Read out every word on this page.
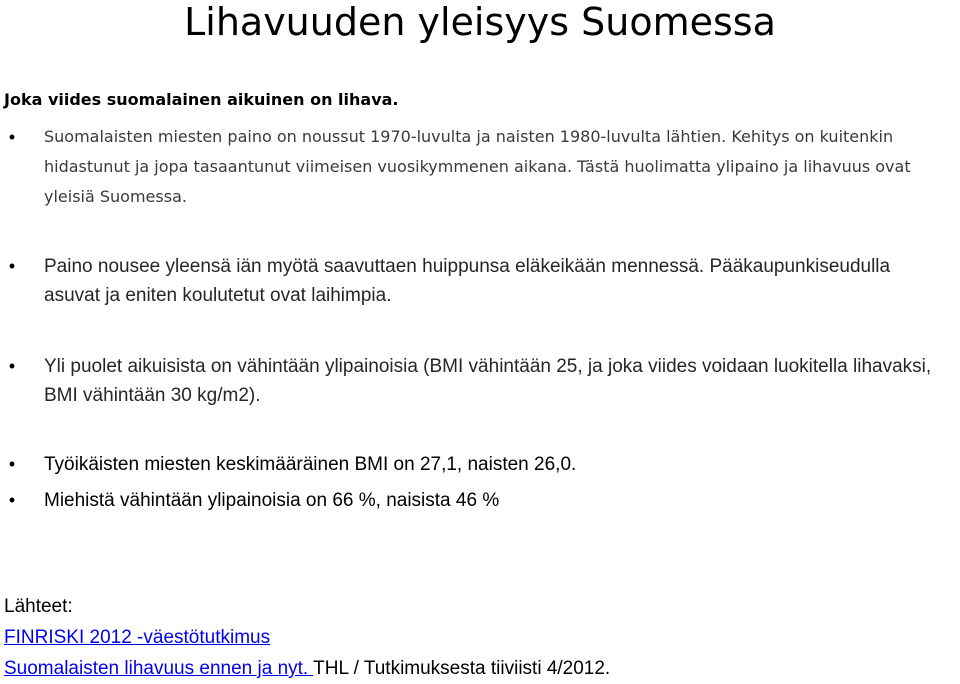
Lihavuuden yleisyys Suomessa

Joka viides suomalainen aikuinen on lihava.

•	Suomalaisten miesten paino on noussut 1970-luvulta ja naisten 1980-luvulta lähtien. Kehitys on kuitenkin hidastunut ja jopa tasaantunut viimeisen vuosikymmenen aikana. Tästä huolimatta ylipaino ja lihavuus ovat yleisiä Suomessa.
• Paino nousee yleensä iän myötä saavuttaen huippunsa eläkeikään mennessä. Pääkaupunkiseudulla asuvat ja eniten koulutetut ovat laihimpia.
• Yli puolet aikuisista on vähintään ylipainoisia (BMI vähintään 25, ja joka viides voidaan luokitella lihavaksi, BMI vähintään 30 kg/m2).
• Työikäisten miesten keskimääräinen BMI on 27,1, naisten 26,0.
• Miehistä vähintään ylipainoisia on 66 %, naisista 46 %
Lähteet:
FINRISKI 2012 -väestötutkimus
Suomalaisten lihavuus ennen ja nyt. THL / Tutkimuksesta tiiviisti 4/2012.
